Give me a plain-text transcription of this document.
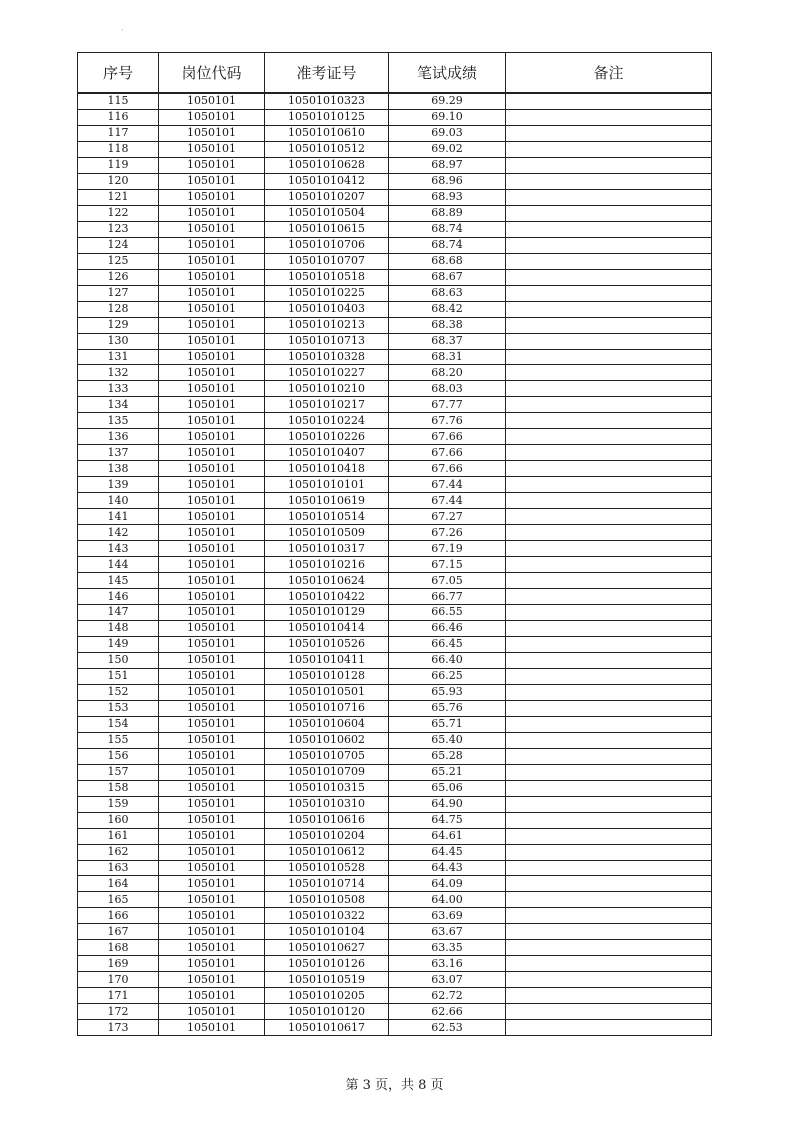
·
序号	岗位代码	准考证号	笔试成绩	备注
115	1050101	10501010323	69.29	
116	1050101	10501010125	69.10	
117	1050101	10501010610	69.03	
118	1050101	10501010512	69.02	
119	1050101	10501010628	68.97	
120	1050101	10501010412	68.96	
121	1050101	10501010207	68.93	
122	1050101	10501010504	68.89	
123	1050101	10501010615	68.74	
124	1050101	10501010706	68.74	
125	1050101	10501010707	68.68	
126	1050101	10501010518	68.67	
127	1050101	10501010225	68.63	
128	1050101	10501010403	68.42	
129	1050101	10501010213	68.38	
130	1050101	10501010713	68.37	
131	1050101	10501010328	68.31	
132	1050101	10501010227	68.20	
133	1050101	10501010210	68.03	
134	1050101	10501010217	67.77	
135	1050101	10501010224	67.76	
136	1050101	10501010226	67.66	
137	1050101	10501010407	67.66	
138	1050101	10501010418	67.66	
139	1050101	10501010101	67.44	
140	1050101	10501010619	67.44	
141	1050101	10501010514	67.27	
142	1050101	10501010509	67.26	
143	1050101	10501010317	67.19	
144	1050101	10501010216	67.15	
145	1050101	10501010624	67.05	
146	1050101	10501010422	66.77	
147	1050101	10501010129	66.55	
148	1050101	10501010414	66.46	
149	1050101	10501010526	66.45	
150	1050101	10501010411	66.40	
151	1050101	10501010128	66.25	
152	1050101	10501010501	65.93	
153	1050101	10501010716	65.76	
154	1050101	10501010604	65.71	
155	1050101	10501010602	65.40	
156	1050101	10501010705	65.28	
157	1050101	10501010709	65.21	
158	1050101	10501010315	65.06	
159	1050101	10501010310	64.90	
160	1050101	10501010616	64.75	
161	1050101	10501010204	64.61	
162	1050101	10501010612	64.45	
163	1050101	10501010528	64.43	
164	1050101	10501010714	64.09	
165	1050101	10501010508	64.00	
166	1050101	10501010322	63.69	
167	1050101	10501010104	63.67	
168	1050101	10501010627	63.35	
169	1050101	10501010126	63.16	
170	1050101	10501010519	63.07	
171	1050101	10501010205	62.72	
172	1050101	10501010120	62.66	
173	1050101	10501010617	62.53	
第 3 页，共 8 页
